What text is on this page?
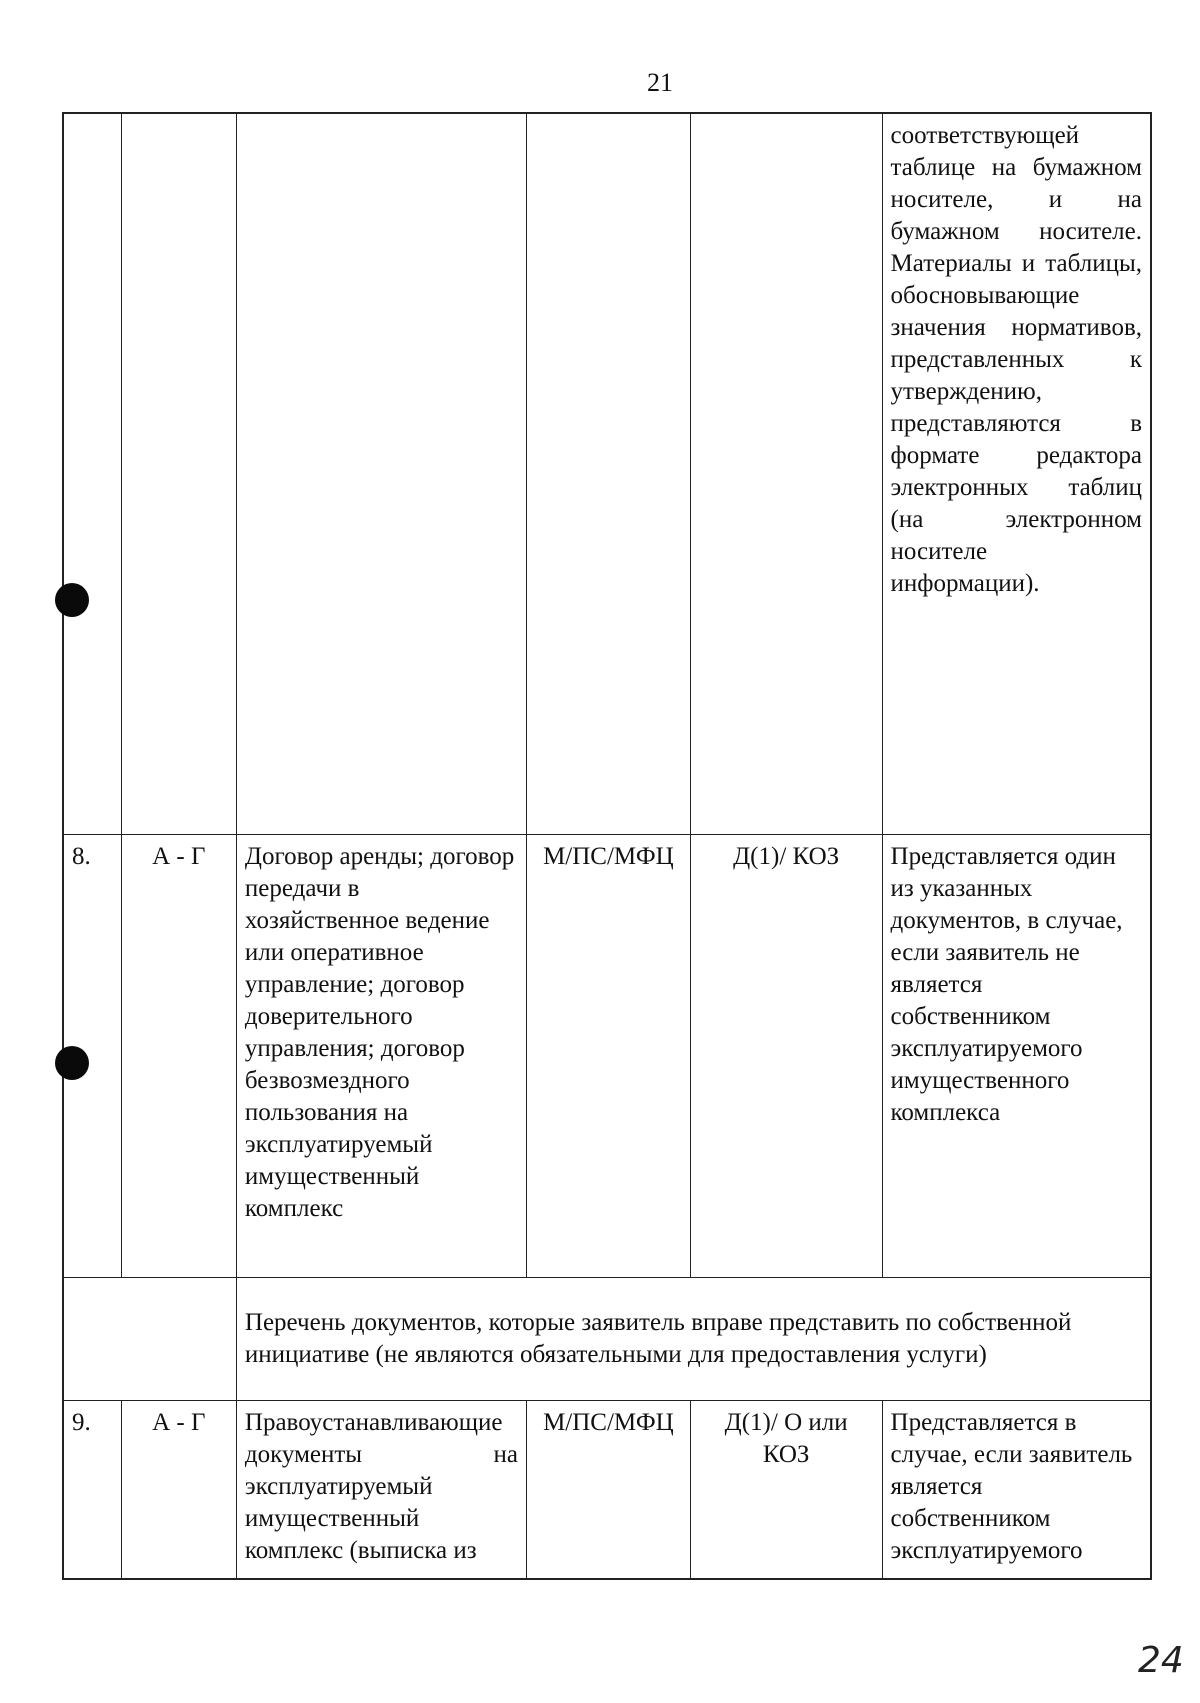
21
					соответствующей таблице на бумажном носителе, и на бумажном носителе. Материалы и таблицы, обосновывающие значения нормативов, представленных к утверждению, представляются в формате редактора электронных таблиц (на электронном носителе информации).
8.	А - Г	Договор аренды; договор передачи в хозяйственное ведение или оперативное управление; договор доверительного управления; договор безвозмездного пользования на эксплуатируемый имущественный комплекс	М/ПС/МФЦ	Д(1)/ КОЗ	Представляется один из указанных документов, в случае, если заявитель не является собственником эксплуатируемого имущественного комплекса
		Перечень документов, которые заявитель вправе представить по собственной инициативе (не являются обязательными для предоставления услуги)			
9.	А - Г	Правоустанавливающие документы на эксплуатируемый имущественный комплекс (выписка из	М/ПС/МФЦ	Д(1)/ О или КОЗ	Представляется в случае, если заявитель является собственником эксплуатируемого
24
